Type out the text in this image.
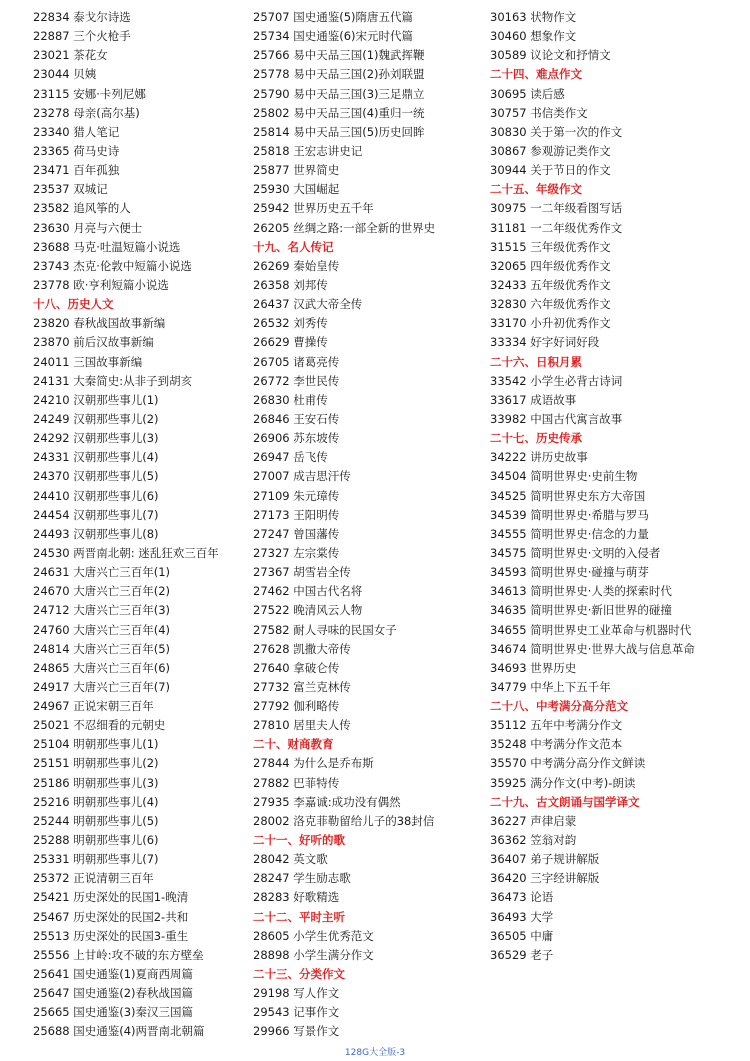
22834 泰戈尔诗选
22887 三个火枪手
23021 茶花女
23044 贝姨
23115 安娜·卡列尼娜
23278 母亲(高尔基)
23340 猎人笔记
23365 荷马史诗
23471 百年孤独
23537 双城记
23582 追风筝的人
23630 月亮与六便士
23688 马克·吐温短篇小说选
23743 杰克·伦敦中短篇小说选
23778 欧·亨利短篇小说选
十八、历史人文
23820 春秋战国故事新编
23870 前后汉故事新编
24011 三国故事新编
24131 大秦简史:从非子到胡亥
24210 汉朝那些事儿(1)
24249 汉朝那些事儿(2)
24292 汉朝那些事儿(3)
24331 汉朝那些事儿(4)
24370 汉朝那些事儿(5)
24410 汉朝那些事儿(6)
24454 汉朝那些事儿(7)
24493 汉朝那些事儿(8)
24530 两晋南北朝: 迷乱狂欢三百年
24631 大唐兴亡三百年(1)
24670 大唐兴亡三百年(2)
24712 大唐兴亡三百年(3)
24760 大唐兴亡三百年(4)
24814 大唐兴亡三百年(5)
24865 大唐兴亡三百年(6)
24917 大唐兴亡三百年(7)
24967 正说宋朝三百年
25021 不忍细看的元朝史
25104 明朝那些事儿(1)
25151 明朝那些事儿(2)
25186 明朝那些事儿(3)
25216 明朝那些事儿(4)
25244 明朝那些事儿(5)
25288 明朝那些事儿(6)
25331 明朝那些事儿(7)
25372 正说清朝三百年
25421 历史深处的民国1-晚清
25467 历史深处的民国2-共和
25513 历史深处的民国3-重生
25556 上甘岭:攻不破的东方壁垒
25641 国史通鉴(1)夏商西周篇
25647 国史通鉴(2)春秋战国篇
25665 国史通鉴(3)秦汉三国篇
25688 国史通鉴(4)两晋南北朝篇
25707 国史通鉴(5)隋唐五代篇
25734 国史通鉴(6)宋元时代篇
25766 易中天品三国(1)魏武挥鞭
25778 易中天品三国(2)孙刘联盟
25790 易中天品三国(3)三足鼎立
25802 易中天品三国(4)重归一统
25814 易中天品三国(5)历史回眸
25818 王宏志讲史记
25877 世界简史
25930 大国崛起
25942 世界历史五千年
26205 丝绸之路:一部全新的世界史
十九、名人传记
26269 秦始皇传
26358 刘邦传
26437 汉武大帝全传
26532 刘秀传
26629 曹操传
26705 诸葛亮传
26772 李世民传
26830 杜甫传
26846 王安石传
26906 苏东坡传
26947 岳飞传
27007 成吉思汗传
27109 朱元璋传
27173 王阳明传
27247 曾国藩传
27327 左宗棠传
27367 胡雪岩全传
27462 中国古代名将
27522 晚清风云人物
27582 耐人寻味的民国女子
27628 凯撒大帝传
27640 拿破仑传
27732 富兰克林传
27792 伽利略传
27810 居里夫人传
二十、财商教育
27844 为什么是乔布斯
27882 巴菲特传
27935 李嘉诚:成功没有偶然
28002 洛克菲勒留给儿子的38封信
二十一、好听的歌
28042 英文歌
28247 学生励志歌
28283 好歌精选
二十二、平时主听
28605 小学生优秀范文
28898 小学生满分作文
二十三、分类作文
29198 写人作文
29543 记事作文
29966 写景作文
30163 状物作文
30460 想象作文
30589 议论文和抒情文
二十四、难点作文
30695 读后感
30757 书信类作文
30830 关于第一次的作文
30867 参观游记类作文
30944 关于节日的作文
二十五、年级作文
30975 一二年级看图写话
31181 一二年级优秀作文
31515 三年级优秀作文
32065 四年级优秀作文
32433 五年级优秀作文
32830 六年级优秀作文
33170 小升初优秀作文
33334 好字好词好段
二十六、日积月累
33542 小学生必背古诗词
33617 成语故事
33982 中国古代寓言故事
二十七、历史传承
34222 讲历史故事
34504 简明世界史·史前生物
34525 简明世界史东方大帝国
34539 简明世界史·希腊与罗马
34555 简明世界史·信念的力量
34575 简明世界史·文明的入侵者
34593 简明世界史·碰撞与萌芽
34613 简明世界史·人类的探索时代
34635 简明世界史·新旧世界的碰撞
34655 简明世界史工业革命与机器时代
34674 简明世界史·世界大战与信息革命
34693 世界历史
34779 中华上下五千年
二十八、中考满分高分范文
35112 五年中考满分作文
35248 中考满分作文范本
35570 中考满分高分作文鲜读
35925 满分作文(中考)-朗读
二十九、古文朗诵与国学译文
36227 声律启蒙
36362 笠翁对韵
36407 弟子规讲解版
36420 三字经讲解版
36473 论语
36493 大学
36505 中庸
36529 老子
128G大全版-3
